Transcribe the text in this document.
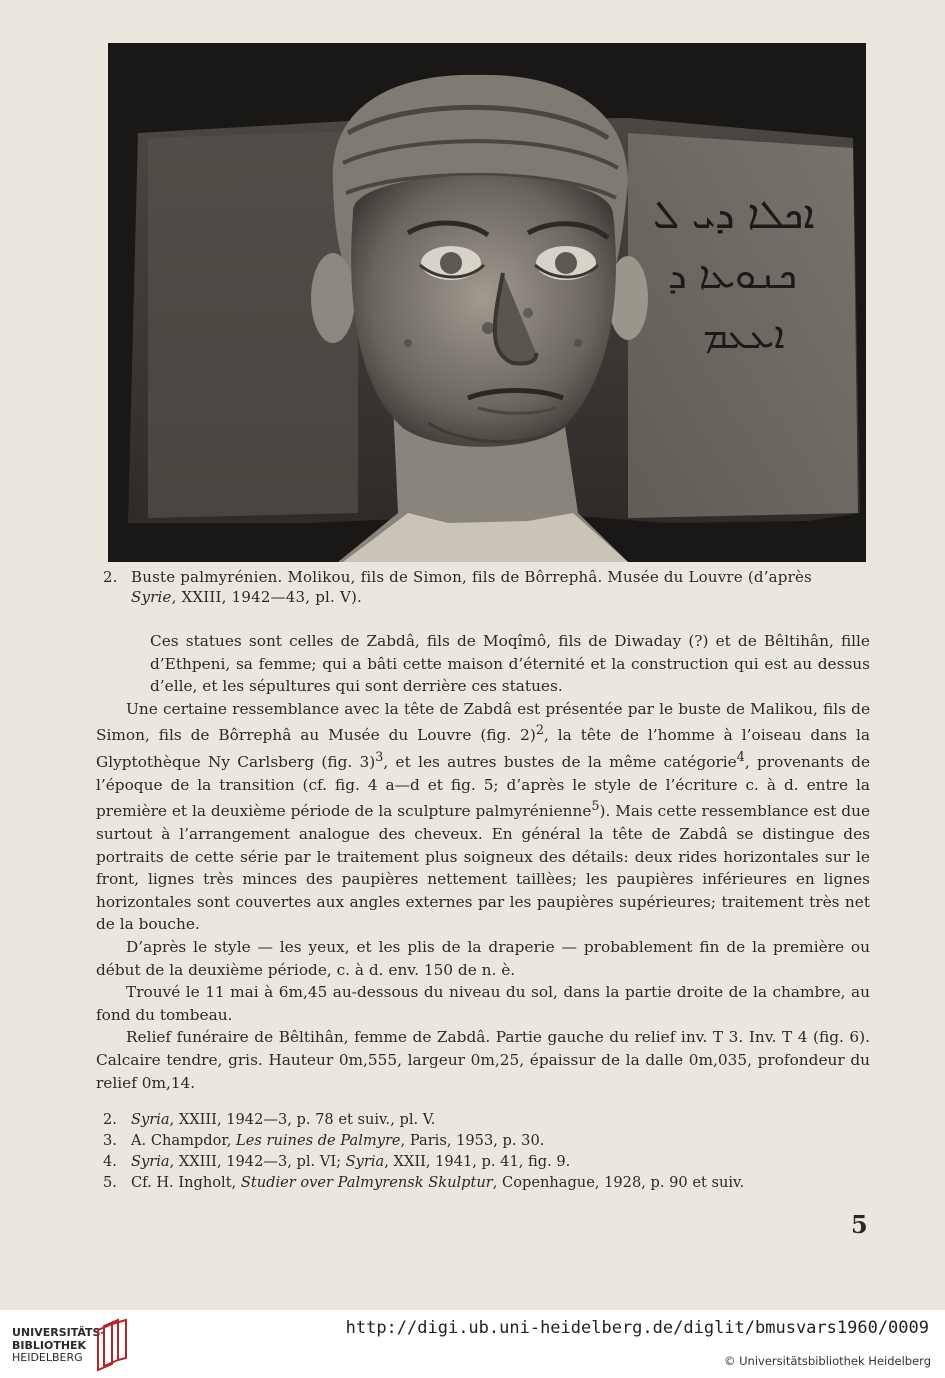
ܐܟܠܐ ܕܝ ܠ
ܟܢܘܥܐ ܕ
ܐܥܥܡ
2. Buste palmyrénien. Molikou, fils de Simon, fils de Bôrrephâ. Musée du Louvre (d’après
Syrie, XXIII, 1942—43, pl. V).

Ces statues sont celles de Zabdâ, fils de Moqîmô, fils de Diwaday (?) et de Bêltihân, fille d’Ethpeni, sa femme; qui a bâti cette maison d’éternité et la construction qui est au dessus d’elle, et les sépultures qui sont derrière ces statues.

Une certaine ressemblance avec la tête de Zabdâ est présentée par le buste de Malikou, fils de Simon, fils de Bôrrephâ au Musée du Louvre (fig. 2)$^2$, la tête de l’homme à l’oiseau dans la Glyptothèque Ny Carlsberg (fig. 3)$^3$, et les autres bustes de la même catégorie$^4$, provenants de l’époque de la transition (cf. fig. 4 a—d et fig. 5; d’après le style de l’écriture c. à d. entre la première et la deuxième période de la sculpture palmyrénienne$^5$). Mais cette ressemblance est due surtout à l’arrangement analogue des cheveux. En général la tête de Zabdâ se distingue des portraits de cette série par le traitement plus soigneux des détails: deux rides horizontales sur le front, lignes très minces des paupières nettement taillèes; les paupières inférieures en lignes horizontales sont couvertes aux angles externes par les paupières supérieures; traitement très net de la bouche.

D’après le style — les yeux, et les plis de la draperie — probablement fin de la première ou début de la deuxième période, c. à d. env. 150 de n. è.

Trouvé le 11 mai à 6m,45 au-dessous du niveau du sol, dans la partie droite de la chambre, au fond du tombeau.

Relief funéraire de Bêltihân, femme de Zabdâ. Partie gauche du relief inv. T 3. Inv. T 4 (fig. 6). Calcaire tendre, gris. Hauteur 0m,555, largeur 0m,25, épaissur de la dalle 0m,035, profondeur du relief 0m,14.

2. Syria, XXIII, 1942—3, p. 78 et suiv., pl. V.
3. A. Champdor, Les ruines de Palmyre, Paris, 1953, p. 30.
4. Syria, XXIII, 1942—3, pl. VI; Syria, XXII, 1941, p. 41, fig. 9.
5. Cf. H. Ingholt, Studier over Palmyrensk Skulptur, Copenhague, 1928, p. 90 et suiv.
5
UNIVERSITÄTS-
BIBLIOTHEK
HEIDELBERG
http://digi.ub.uni-heidelberg.de/diglit/bmusvars1960/0009
© Universitätsbibliothek Heidelberg
